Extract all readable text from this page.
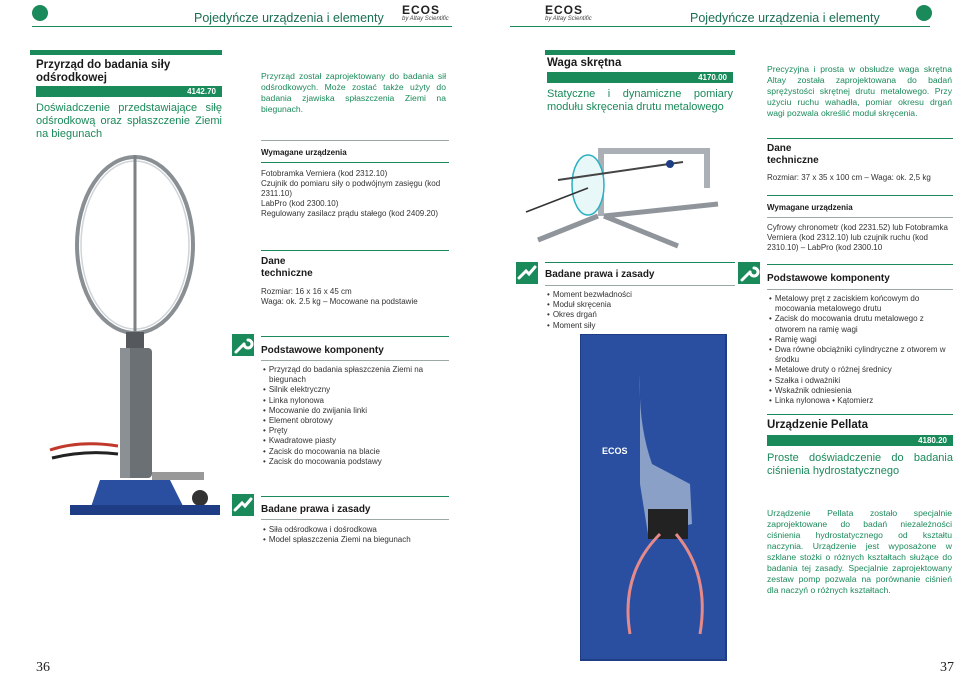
Pojedyńcze urządzenia i elementy	Pojedyńcze urządzenia i elementy
ECOS
by Altay Scientific
ECOS
by Altay Scientific
Przyrząd do badania siły odśrodkowej
4142.70
Doświadczenie przedstawiające siłę odśrodkową oraz spłaszczenie Ziemi na biegunach
Przyrząd został zaprojektowany do badania sił odśrodkowych. Może zostać także użyty do badania zjawiska spłaszczenia Ziemi na biegunach.
Wymagane urządzenia
Fotobramka Verniera (kod 2312.10)
Czujnik do pomiaru siły o podwójnym zasięgu (kod 2311.10)
LabPro (kod 2300.10)
Regulowany zasilacz prądu stałego (kod 2409.20)
Dane techniczne
Rozmiar: 16 x 16 x 45 cm
Waga: ok. 2.5 kg – Mocowane na podstawie
Podstawowe komponenty
• Przyrząd do badania spłaszczenia Ziemi na biegunach
• Silnik elektryczny
• Linka nylonowa
• Mocowanie do zwijania linki
• Element obrotowy
• Pręty
• Kwadratowe piasty
• Zacisk do mocowania na blacie
• Zacisk do mocowania podstawy
Badane prawa i zasady
• Siła odśrodkowa i dośrodkowa
• Model spłaszczenia Ziemi na biegunach
36
Waga skrętna
4170.00
Statyczne i dynamiczne pomiary modułu skręcenia drutu metalowego
Badane prawa i zasady
• Moment bezwładności
• Moduł skręcenia
• Okres drgań
• Moment siły
ECOS
37
Precyzyjna i prosta w obsłudze waga skrętna Altay została zaprojektowana do badań sprężystości skrętnej drutu metalowego. Przy użyciu ruchu wahadła, pomiar okresu drgań wagi pozwala określić moduł skręcenia.
Dane techniczne
Rozmiar: 37 x 35 x 100 cm – Waga: ok. 2,5 kg
Wymagane urządzenia
Cyfrowy chronometr (kod 2231.52) lub Fotobramka Verniera (kod 2312.10) lub czujnik ruchu (kod 2310.10) – LabPro (kod 2300.10
Podstawowe komponenty
• Metalowy pręt z zaciskiem końcowym do mocowania metalowego drutu
• Zacisk do mocowania drutu metalowego z otworem na ramię wagi
• Ramię wagi
• Dwa równe obciążniki cylindryczne z otworem w środku
• Metalowe druty o różnej średnicy
• Szałka i odważniki
• Wskaźnik odniesienia
• Linka nylonowa • Kątomierz
Urządzenie Pellata
4180.20
Proste doświadczenie do badania ciśnienia hydrostatycznego
Urządzenie Pellata zostało specjalnie zaprojektowane do badań niezależności ciśnienia hydrostatycznego od kształtu naczynia. Urządzenie jest wyposażone w szklane stożki o różnych kształtach służące do badania tej zasady. Specjalnie zaprojektowany zestaw pomp pozwala na porównanie ciśnień dla naczyń o różnych kształtach.
